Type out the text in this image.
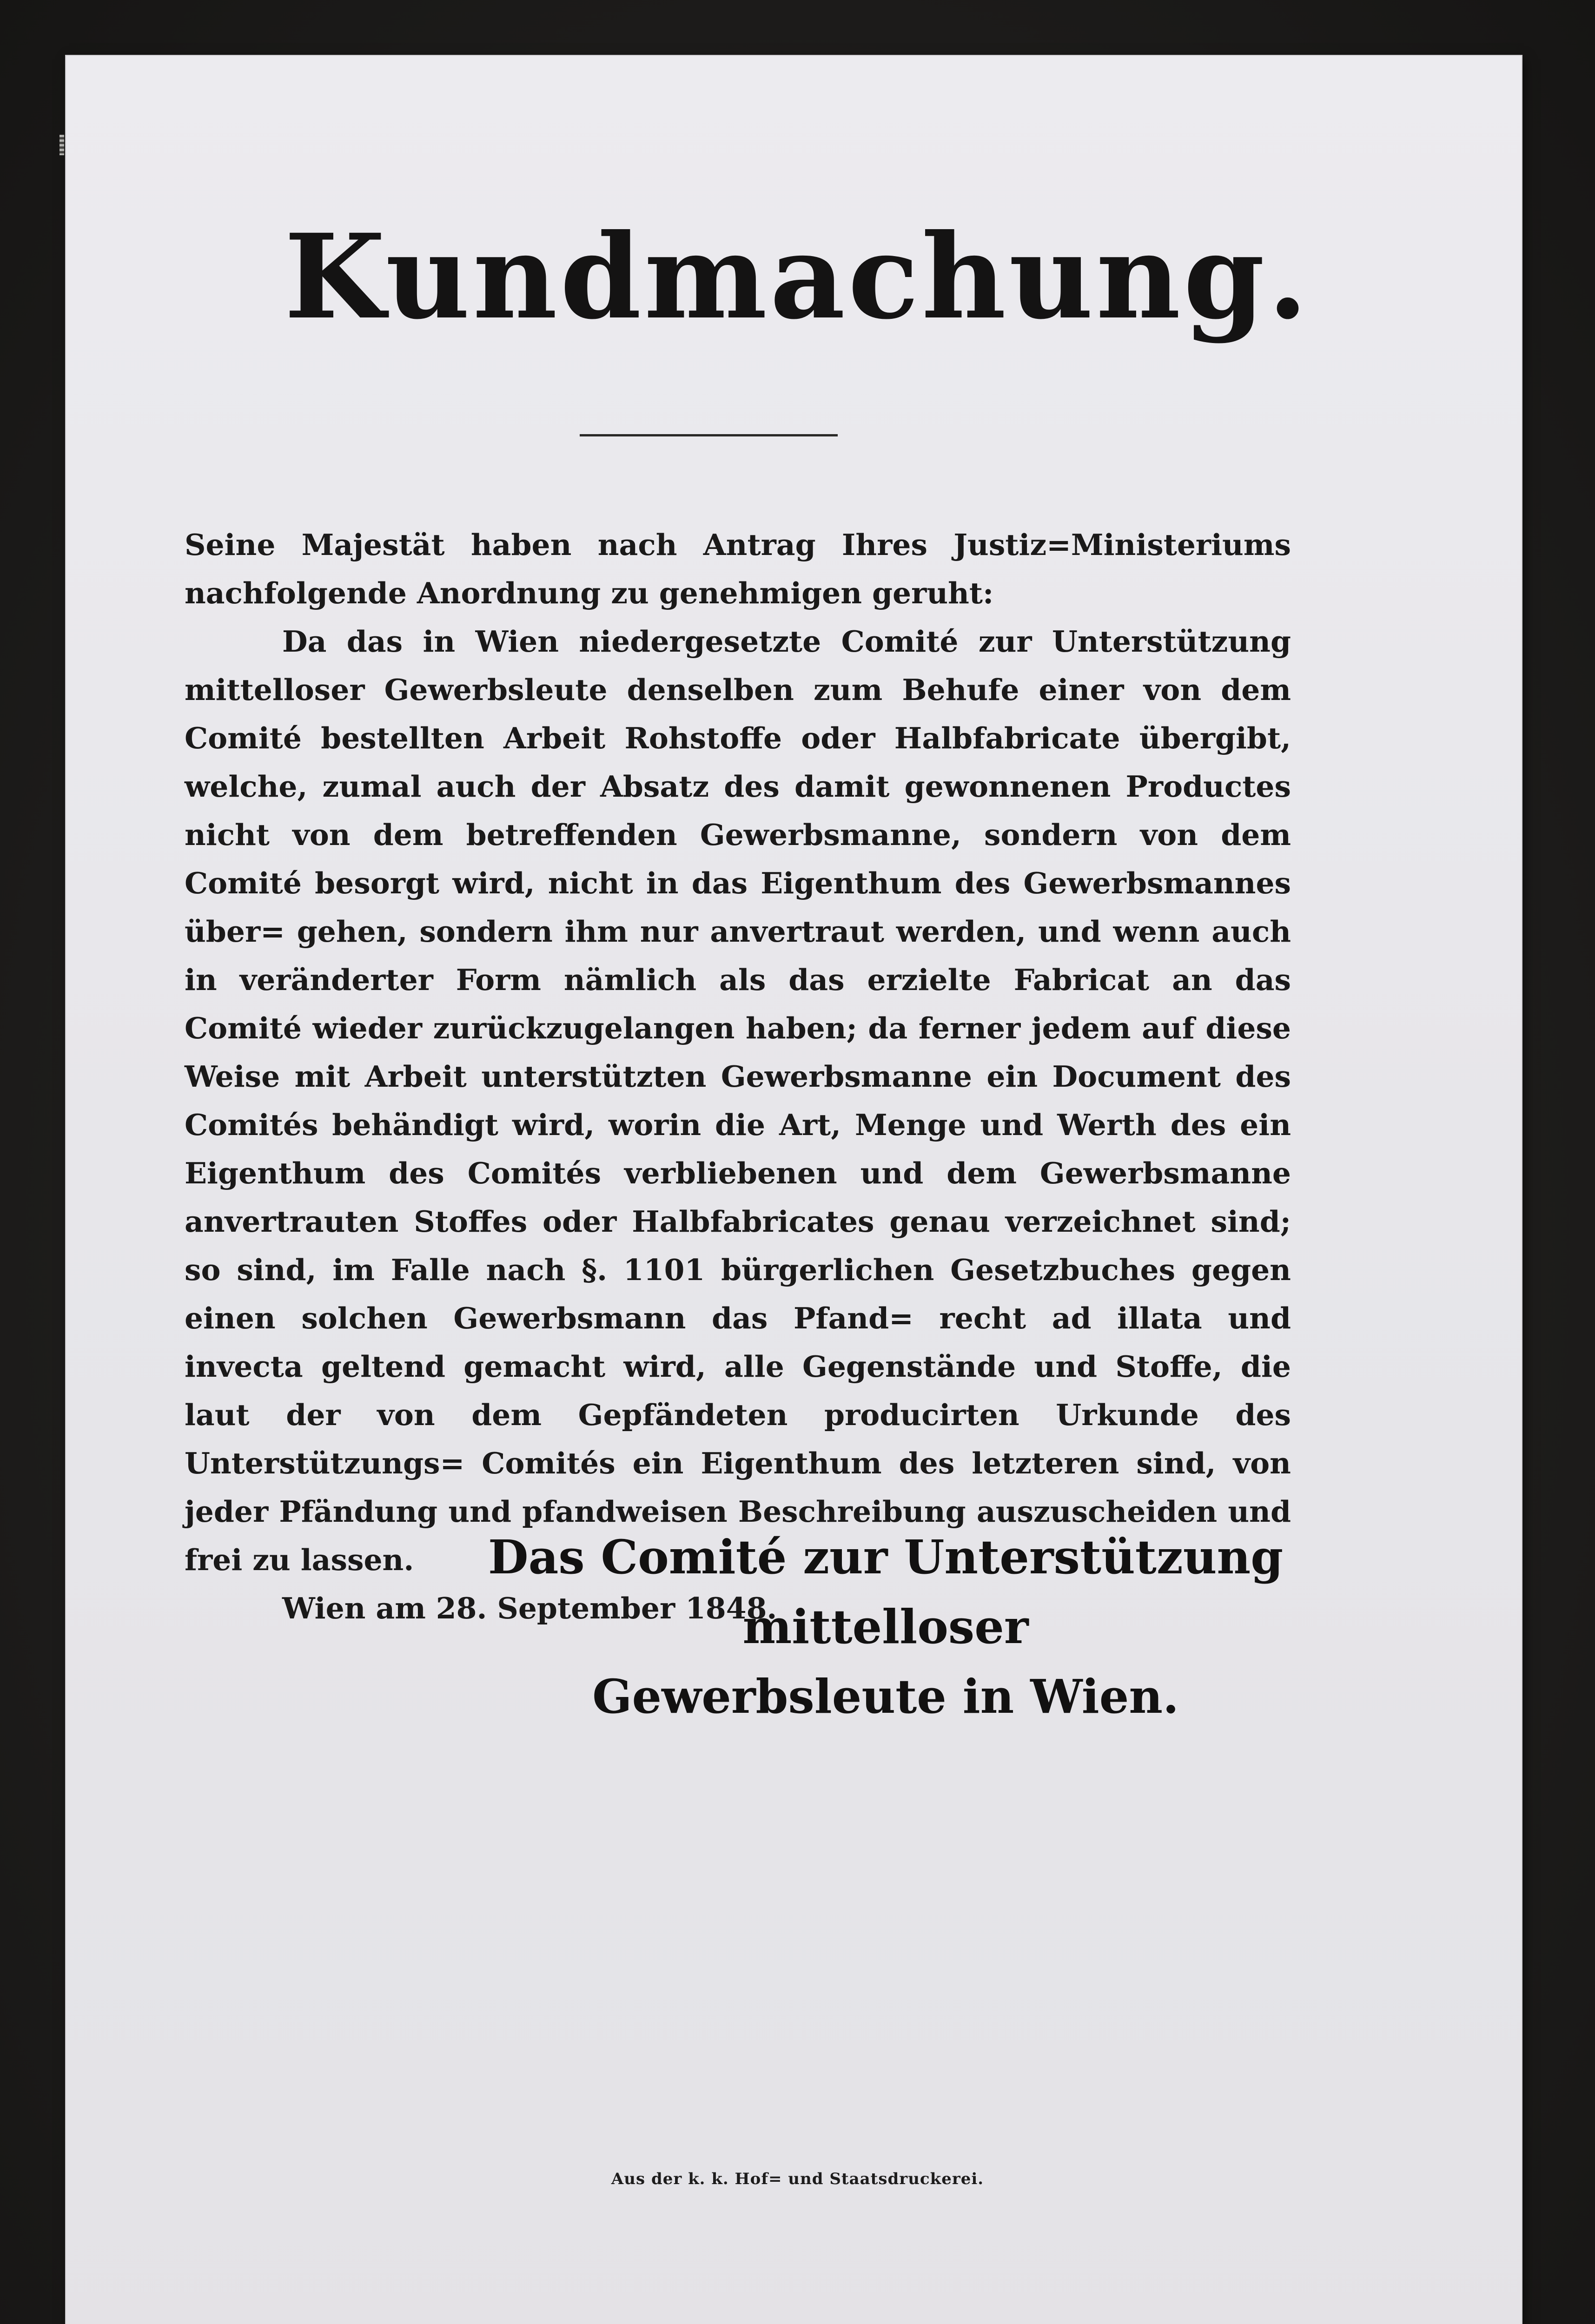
Kundmachung.

Seine Majestät haben nach Antrag Ihres Justiz=Ministeriums nachfolgende Anordnung zu genehmigen geruht:

Da das in Wien niedergesetzte Comité zur Unterstützung mittelloser Gewerbsleute denselben zum Behufe einer von dem Comité bestellten Arbeit Rohstoffe oder Halbfabricate übergibt, welche, zumal auch der Absatz des damit gewonnenen Productes nicht von dem betreffenden Gewerbsmanne, sondern von dem Comité besorgt wird, nicht in das Eigenthum des Gewerbsmannes über= gehen, sondern ihm nur anvertraut werden, und wenn auch in veränderter Form nämlich als das erzielte Fabricat an das Comité wieder zurückzugelangen haben; da ferner jedem auf diese Weise mit Arbeit unterstützten Gewerbsmanne ein Document des Comités behändigt wird, worin die Art, Menge und Werth des ein Eigenthum des Comités verbliebenen und dem Gewerbsmanne anvertrauten Stoffes oder Halbfabricates genau verzeichnet sind; so sind, im Falle nach §. 1101 bürgerlichen Gesetzbuches gegen einen solchen Gewerbsmann das Pfand= recht ad illata und invecta geltend gemacht wird, alle Gegenstände und Stoffe, die laut der von dem Gepfändeten producirten Urkunde des Unterstützungs= Comités ein Eigenthum des letzteren sind, von jeder Pfändung und pfandweisen Beschreibung auszuscheiden und frei zu lassen.

Wien am 28. September 1848.

Das Comité zur Unterstützung mittelloser
Gewerbsleute in Wien.
Aus der k. k. Hof= und Staatsdruckerei.
